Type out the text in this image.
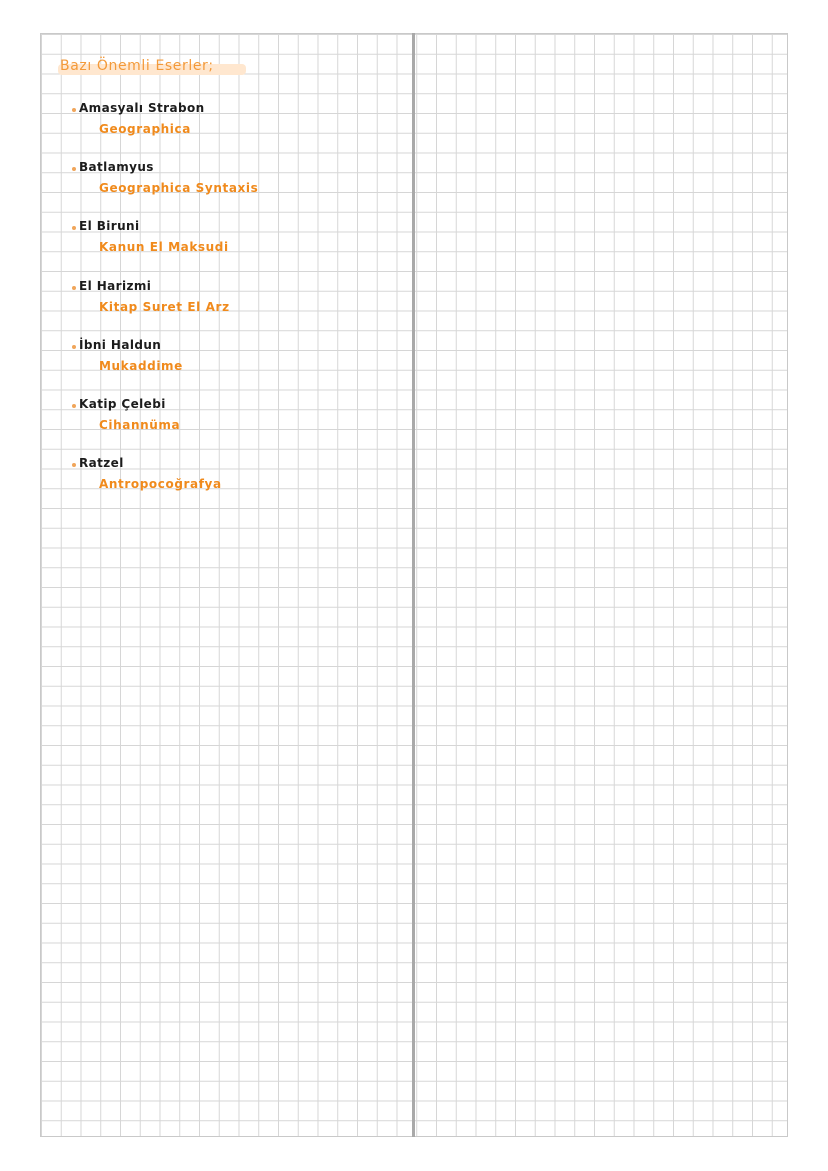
Bazı Önemli Eserler;
Amasyalı Strabon
Geographica
Batlamyus
Geographica Syntaxis
El Biruni
Kanun El Maksudi
El Harizmi
Kitap Suret El Arz
İbni Haldun
Mukaddime
Katip Çelebi
Cihannüma
Ratzel
Antropocoğrafya
